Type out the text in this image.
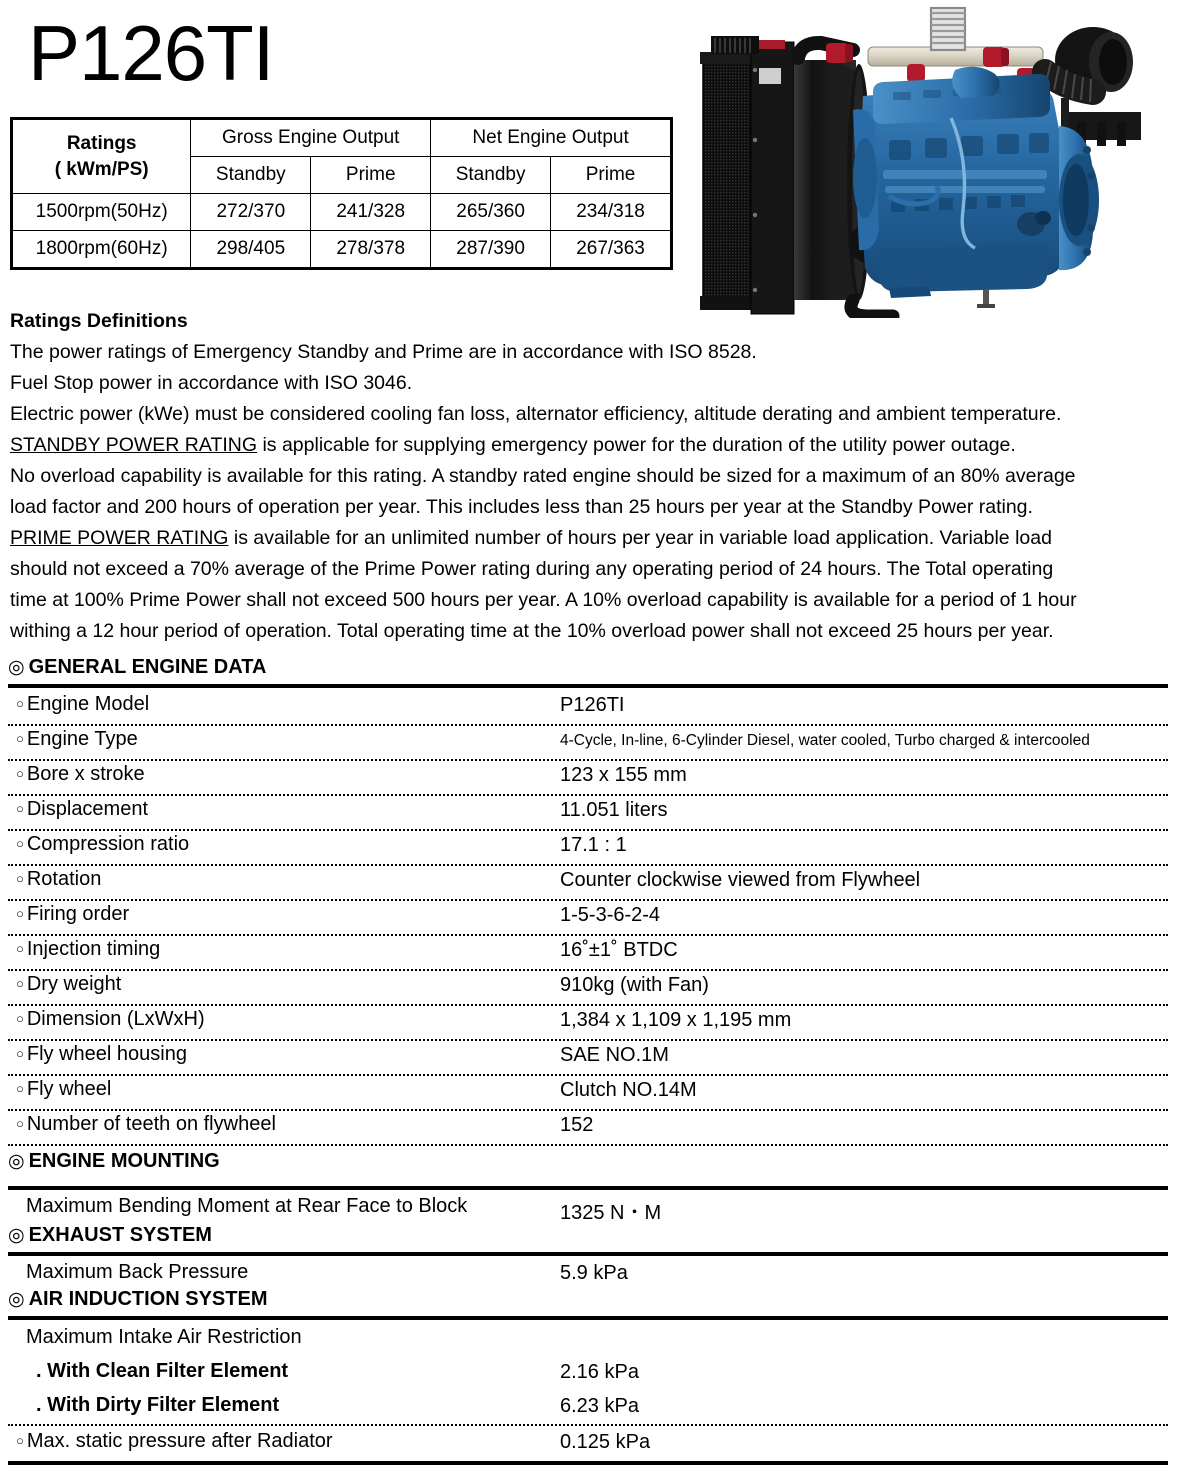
P126TI
Ratings
( kWm/PS)	Gross Engine Output		Net Engine Output	
	Standby	Prime	Standby	Prime
1500rpm(50Hz)	272/370	241/328	265/360	234/318
1800rpm(60Hz)	298/405	278/378	287/390	267/363
Ratings Definitions

The power ratings of Emergency Standby and Prime are in accordance with ISO 8528.

Fuel Stop power in accordance with ISO 3046.

Electric power (kWe) must be considered cooling fan loss, alternator efficiency, altitude derating and ambient temperature.

STANDBY POWER RATING is applicable for supplying emergency power for the duration of the utility power outage.

No overload capability is available for this rating. A standby rated engine should be sized for a maximum of an 80% average

load factor and 200 hours of operation per year. This includes less than 25 hours per year at the Standby Power rating.

PRIME POWER RATING is available for an unlimited number of hours per year in variable load application. Variable load

should not exceed a 70% average of the Prime Power rating during any operating period of 24 hours. The Total operating

time at 100% Prime Power shall not exceed 500 hours per year. A 10% overload capability is available for a period of 1 hour

withing a 12 hour period of operation. Total operating time at the 10% overload power shall not exceed 25 hours per year.

◎ GENERAL ENGINE DATA
○ Engine Model	P126TI
○ Engine Type	4-Cycle, In-line, 6-Cylinder Diesel, water cooled, Turbo charged & intercooled
○ Bore x stroke	123 x 155 mm
○ Displacement	11.051 liters
○ Compression ratio	17.1 : 1
○ Rotation	Counter clockwise viewed from Flywheel
○ Firing order	1-5-3-6-2-4
○ Injection timing	16˚±1˚ BTDC
○ Dry weight	910kg (with Fan)
○ Dimension (LxWxH)	1,384 x 1,109 x 1,195 mm
○ Fly wheel housing	SAE NO.1M
○ Fly wheel	Clutch NO.14M
○ Number of teeth on flywheel	152
◎ ENGINE MOUNTING
Maximum Bending Moment at Rear Face to Block	1325 N・M
◎ EXHAUST SYSTEM
Maximum Back Pressure	5.9 kPa
◎ AIR INDUCTION SYSTEM
Maximum Intake Air Restriction
. With Clean Filter Element	2.16 kPa
. With Dirty Filter Element	6.23 kPa
○ Max. static pressure after Radiator	0.125 kPa
